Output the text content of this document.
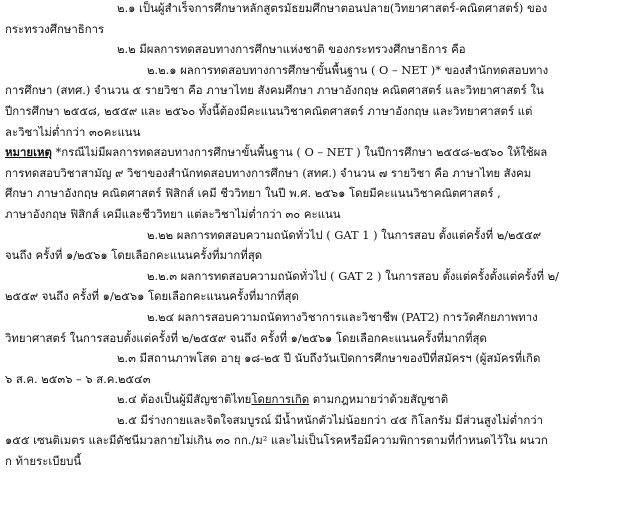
๒.๑ เป็นผู้สำเร็จการศึกษาหลักสูตรมัธยมศึกษาตอนปลาย(วิทยาศาสตร์-คณิตศาสตร์) ของ
กระทรวงศึกษาธิการ
๒.๒ มีผลการทดสอบทางการศึกษาแห่งชาติ ของกระทรวงศึกษาธิการ คือ
๒.๒.๑ ผลการทดสอบทางการศึกษาขั้นพื้นฐาน ( O – NET )* ของสำนักทดสอบทาง
การศึกษา (สทศ.) จำนวน ๕ รายวิชา คือ ภาษาไทย สังคมศึกษา ภาษาอังกฤษ คณิตศาสตร์ และวิทยาศาสตร์ ใน
ปีการศึกษา ๒๕๕๘, ๒๕๕๙ และ ๒๕๖๐ ทั้งนี้ต้องมีคะแนนวิชาคณิตศาสตร์ ภาษาอังกฤษ และวิทยาศาสตร์ แต่
ละวิชาไม่ต่ำกว่า ๓๐คะแนน
หมายเหตุ *กรณีไม่มีผลการทดสอบทางการศึกษาขั้นพื้นฐาน ( O – NET ) ในปีการศึกษา ๒๕๕๘-๒๕๖๐ ให้ใช้ผล
การทดสอบวิชาสามัญ ๙ วิชาของสำนักทดสอบทางการศึกษา (สทศ.) จำนวน ๗ รายวิชา คือ ภาษาไทย สังคม
ศึกษา ภาษาอังกฤษ คณิตศาสตร์ ฟิสิกส์ เคมี ชีววิทยา ในปี พ.ศ. ๒๕๖๑ โดยมีคะแนนวิชาคณิตศาสตร์ ,
ภาษาอังกฤษ ฟิสิกส์ เคมีและชีววิทยา แต่ละวิชาไม่ต่ำกว่า ๓๐ คะแนน
๒.๒๒ ผลการทดสอบความถนัดทั่วไป ( GAT 1 ) ในการสอบ ตั้งแต่ครั้งที่ ๒/๒๕๕๙
จนถึง ครั้งที่ ๑/๒๕๖๑ โดยเลือกคะแนนครั้งที่มากที่สุด
๒.๒.๓ ผลการทดสอบความถนัดทั่วไป ( GAT 2 ) ในการสอบ ตั้งแต่ครั้งตั้งแต่ครั้งที่ ๒/
๒๕๕๙ จนถึง ครั้งที่ ๑/๒๕๖๑ โดยเลือกคะแนนครั้งที่มากที่สุด
๒.๒๔ ผลการสอบความถนัดทางวิชาการและวิชาชีพ (PAT2) การวัดศักยภาพทาง
วิทยาศาสตร์ ในการสอบตั้งแต่ครั้งที่ ๒/๒๕๕๙ จนถึง ครั้งที่ ๑/๒๕๖๑ โดยเลือกคะแนนครั้งที่มากที่สุด
๒.๓ มีสถานภาพโสด อายุ ๑๘-๒๕ ปี นับถึงวันเปิดการศึกษาของปีที่สมัครฯ (ผู้สมัครที่เกิด
๖ ส.ค. ๒๕๓๖ – ๖ ส.ค.๒๕๔๓
๒.๔ ต้องเป็นผู้มีสัญชาติไทยโดยการเกิด ตามกฎหมายว่าด้วยสัญชาติ
๒.๕ มีร่างกายและจิตใจสมบูรณ์ มีน้ำหนักตัวไม่น้อยกว่า ๔๕ กิโลกรัม มีส่วนสูงไม่ต่ำกว่า
๑๕๕ เซนติเมตร และมีดัชนีมวลกายไม่เกิน ๓๐ กก./ม² และไม่เป็นโรคหรือมีความพิการตามที่กำหนดไว้ใน ผนวก
ก ท้ายระเบียบนี้
